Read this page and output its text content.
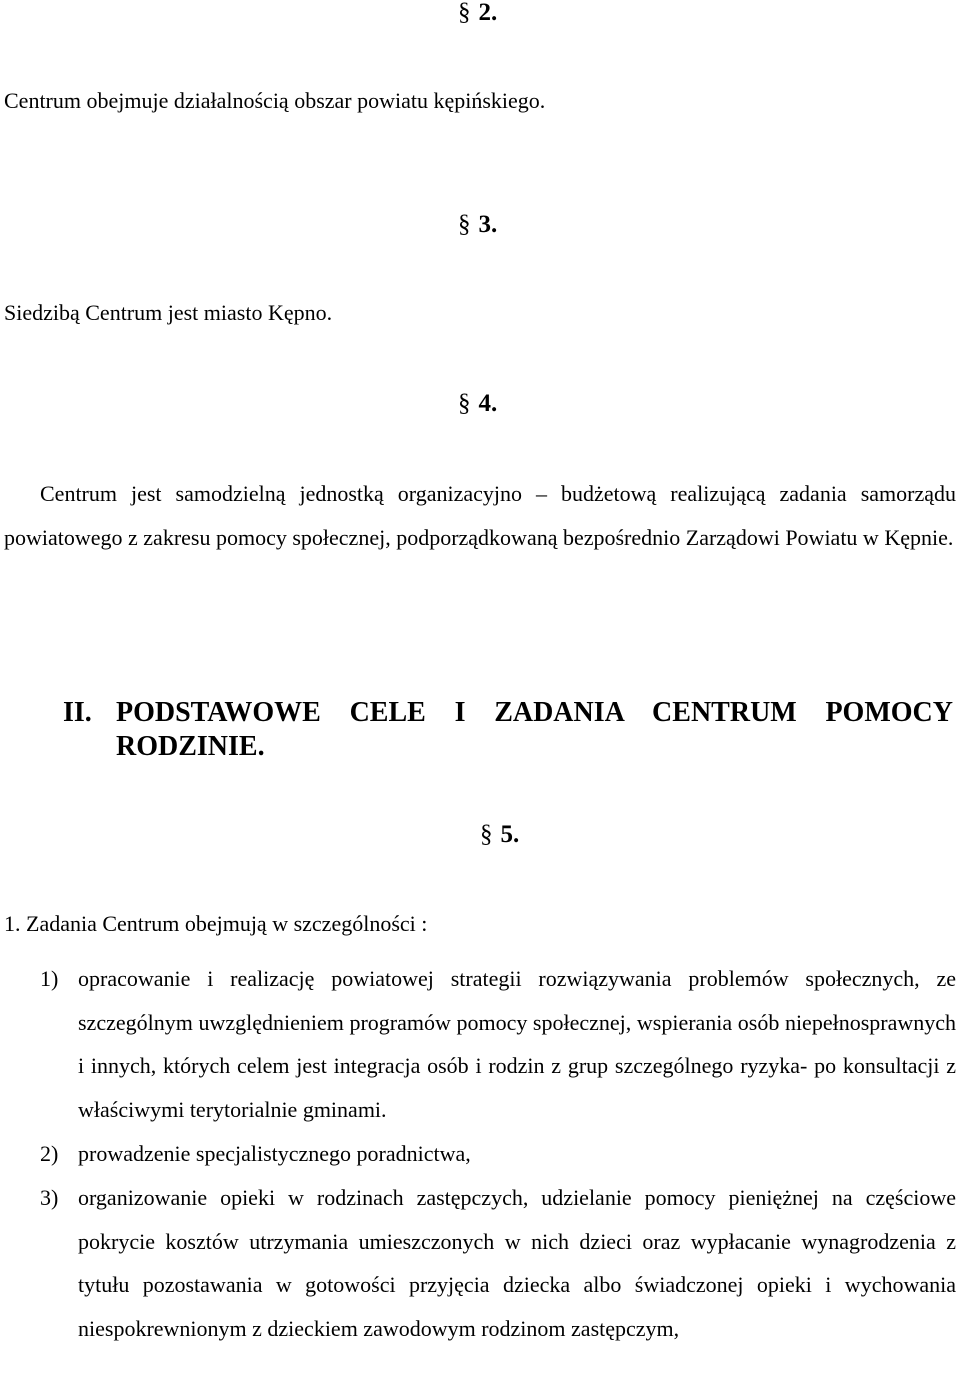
§ 2.

Centrum obejmuje działalnością obszar powiatu kępińskiego.

§ 3.

Siedzibą Centrum jest miasto Kępno.

§ 4.

Centrum jest samodzielną jednostką organizacyjno – budżetową realizującą zadania samorządu powiatowego z zakresu pomocy społecznej, podporządkowaną bezpośrednio Zarządowi Powiatu w Kępnie.

II. PODSTAWOWE CELE I ZADANIA CENTRUM POMOCY RODZINIE.
§ 5.

1. Zadania Centrum obejmują w szczególności :

1) opracowanie i realizację powiatowej strategii rozwiązywania problemów społecznych, ze szczególnym uwzględnieniem programów pomocy społecznej, wspierania osób niepełnosprawnych i innych, których celem jest integracja osób i rodzin z grup szczególnego ryzyka- po konsultacji z właściwymi terytorialnie gminami.
2) prowadzenie specjalistycznego poradnictwa,
3) organizowanie opieki w rodzinach zastępczych, udzielanie pomocy pieniężnej na częściowe pokrycie kosztów utrzymania umieszczonych w nich dzieci oraz wypłacanie wynagrodzenia z tytułu pozostawania w gotowości przyjęcia dziecka albo świadczonej opieki i wychowania niespokrewnionym z dzieckiem zawodowym rodzinom zastępczym,
